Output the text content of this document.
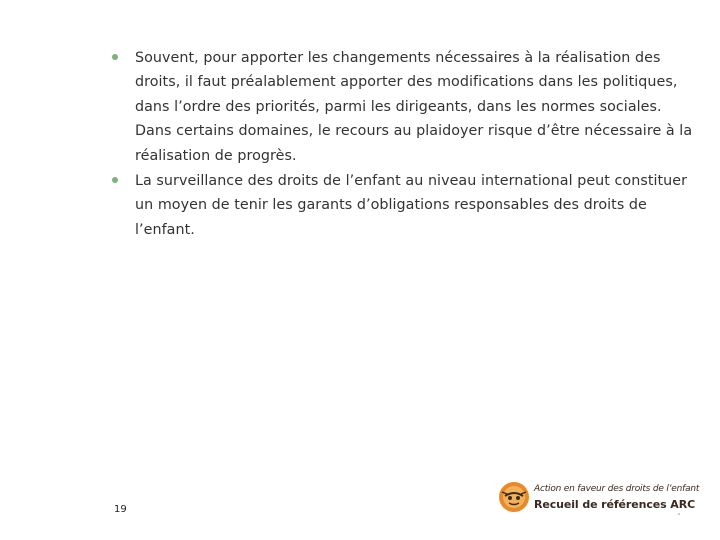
Souvent, pour apporter les changements nécessaires à la réalisation des droits, il faut préalablement apporter des modifications dans les politiques, dans l’ordre des priorités, parmi les dirigeants, dans les normes sociales. Dans certains domaines, le recours au plaidoyer risque d’être nécessaire à la réalisation de progrès.

La surveillance des droits de l’enfant au niveau international peut constituer un moyen de tenir les garants d’obligations responsables des droits de l’enfant.

19
Action en faveur des droits de l’enfant
Recueil de références ARC
